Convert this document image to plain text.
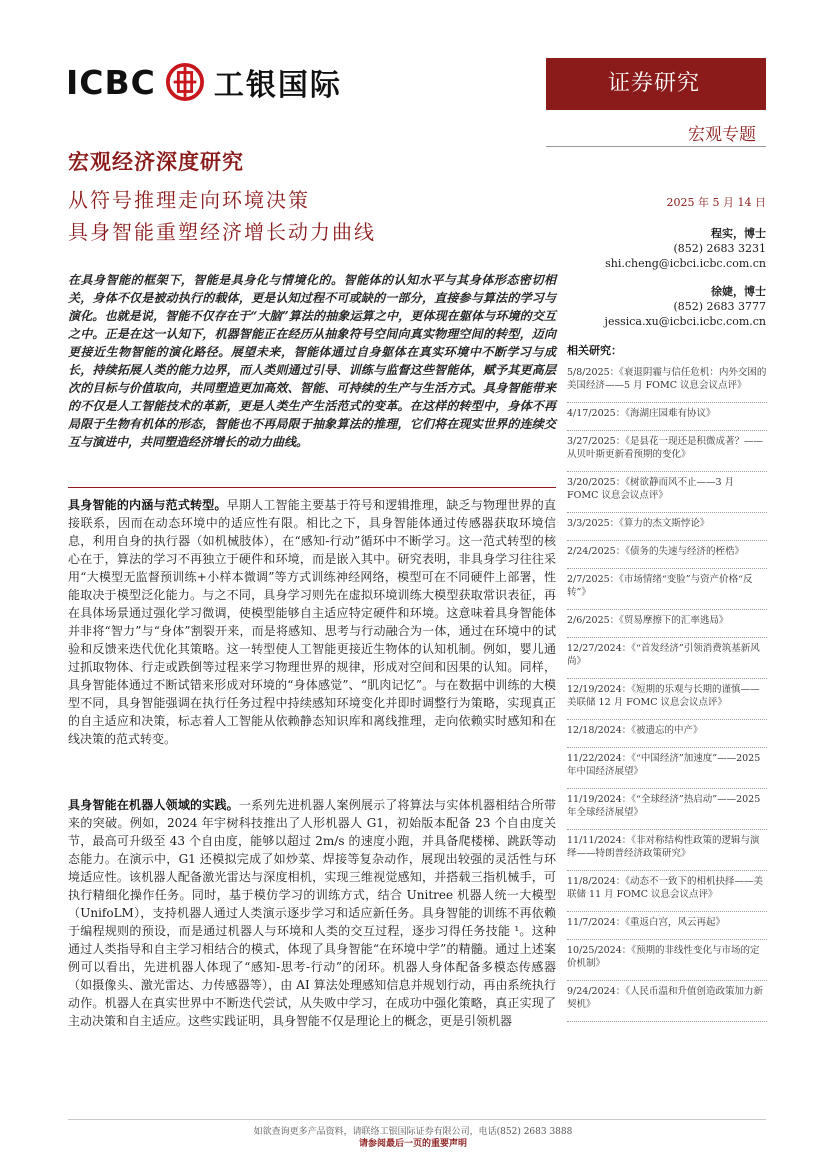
ICBC 工银国际	证券研究
宏观专题
宏观经济深度研究
从符号推理走向环境决策
具身智能重塑经济增长动力曲线
2025 年 5 月 14 日
程实，博士
(852) 2683 3231
shi.cheng@icbci.icbc.com.cn
徐婕，博士
(852) 2683 3777
jessica.xu@icbci.icbc.com.cn
在具身智能的框架下，智能是具身化与情境化的。智能体的认知水平与其身体形态密切相关，身体不仅是被动执行的载体，更是认知过程不可或缺的一部分，直接参与算法的学习与演化。也就是说，智能不仅存在于“大脑”算法的抽象运算之中，更体现在躯体与环境的交互之中。正是在这一认知下，机器智能正在经历从抽象符号空间向真实物理空间的转型，迈向更接近生物智能的演化路径。展望未来，智能体通过自身躯体在真实环境中不断学习与成长，持续拓展人类的能力边界，而人类则通过引导、训练与监督这些智能体，赋予其更高层次的目标与价值取向，共同塑造更加高效、智能、可持续的生产与生活方式。具身智能带来的不仅是人工智能技术的革新，更是人类生产生活范式的变革。在这样的转型中，身体不再局限于生物有机体的形态，智能也不再局限于抽象算法的推理，它们将在现实世界的连续交互与演进中，共同塑造经济增长的动力曲线。

具身智能的内涵与范式转型。早期人工智能主要基于符号和逻辑推理，缺乏与物理世界的直接联系，因而在动态环境中的适应性有限。相比之下，具身智能体通过传感器获取环境信息，利用自身的执行器（如机械肢体），在“感知-行动”循环中不断学习。这一范式转型的核心在于，算法的学习不再独立于硬件和环境，而是嵌入其中。研究表明，非具身学习往往采用“大模型无监督预训练+小样本微调”等方式训练神经网络，模型可在不同硬件上部署，性能取决于模型泛化能力。与之不同，具身学习则先在虚拟环境训练大模型获取常识表征，再在具体场景通过强化学习微调，使模型能够自主适应特定硬件和环境。这意味着具身智能体并非将“智力”与“身体”割裂开来，而是将感知、思考与行动融合为一体，通过在环境中的试验和反馈来迭代优化其策略。这一转型使人工智能更接近生物体的认知机制。例如，婴儿通过抓取物体、行走或跌倒等过程来学习物理世界的规律，形成对空间和因果的认知。同样，具身智能体通过不断试错来形成对环境的“身体感觉”、“肌肉记忆”。与在数据中训练的大模型不同，具身智能强调在执行任务过程中持续感知环境变化并即时调整行为策略，实现真正的自主适应和决策，标志着人工智能从依赖静态知识库和离线推理，走向依赖实时感知和在线决策的范式转变。

具身智能在机器人领域的实践。一系列先进机器人案例展示了将算法与实体机器相结合所带来的突破。例如，2024 年宇树科技推出了人形机器人 G1，初始版本配备 23 个自由度关节，最高可升级至 43 个自由度，能够以超过 2m/s 的速度小跑，并具备爬楼梯、跳跃等动态能力。在演示中，G1 还模拟完成了如炒菜、焊接等复杂动作，展现出较强的灵活性与环境适应性。该机器人配备激光雷达与深度相机，实现三维视觉感知，并搭载三指机械手，可执行精细化操作任务。同时，基于模仿学习的训练方式，结合 Unitree 机器人统一大模型（UnifoLM），支持机器人通过人类演示逐步学习和适应新任务。具身智能的训练不再依赖于编程规则的预设，而是通过机器人与环境和人类的交互过程，逐步习得任务技能 ¹。这种通过人类指导和自主学习相结合的模式，体现了具身智能“在环境中学”的精髓。通过上述案例可以看出，先进机器人体现了“感知-思考-行动”的闭环。机器人身体配备多模态传感器（如摄像头、激光雷达、力传感器等），由 AI 算法处理感知信息并规划行动，再由系统执行动作。机器人在真实世界中不断迭代尝试，从失败中学习，在成功中强化策略，真正实现了主动决策和自主适应。这些实践证明，具身智能不仅是理论上的概念，更是引领机器

相关研究：
5/8/2025：《衰退阴霾与信任危机：内外交困的美国经济——5 月 FOMC 议息会议点评》
4/17/2025：《海湖庄园难有协议》
3/27/2025：《是县花一现还是积微成著？——从贝叶斯更新看预期的变化》
3/20/2025：《树欲静而风不止——3 月 FOMC 议息会议点评》
3/3/2025：《算力的杰文斯悖论》
2/24/2025：《债务的失速与经济的桎梏》
2/7/2025：《市场情绪“变脸”与资产价格“反转”》
2/6/2025：《贸易摩擦下的汇率逃局》
12/27/2024：《“首发经济”引领消费筑基新风尚》
12/19/2024：《短期的乐观与长期的谨慎——美联储 12 月 FOMC 议息会议点评》
12/18/2024：《被遗忘的中产》
11/22/2024：《“中国经济”加速度”——2025 年中国经济展望》
11/19/2024：《“全球经济”热启动”——2025 年全球经济展望》
11/11/2024：《非对称结构性政策的逻辑与演绎——特朗普经济政策研究》
11/8/2024：《动态不一致下的相机抉择——美联储 11 月 FOMC 议息会议点评》
11/7/2024：《重返白宫，风云再起》
10/25/2024：《预期的非线性变化与市场的定价机制》
9/24/2024：《人民币温和升值创造政策加力新契机》
如欲查询更多产品资料，请联络工银国际证券有限公司，电话(852) 2683 3888
请参阅最后一页的重要声明
